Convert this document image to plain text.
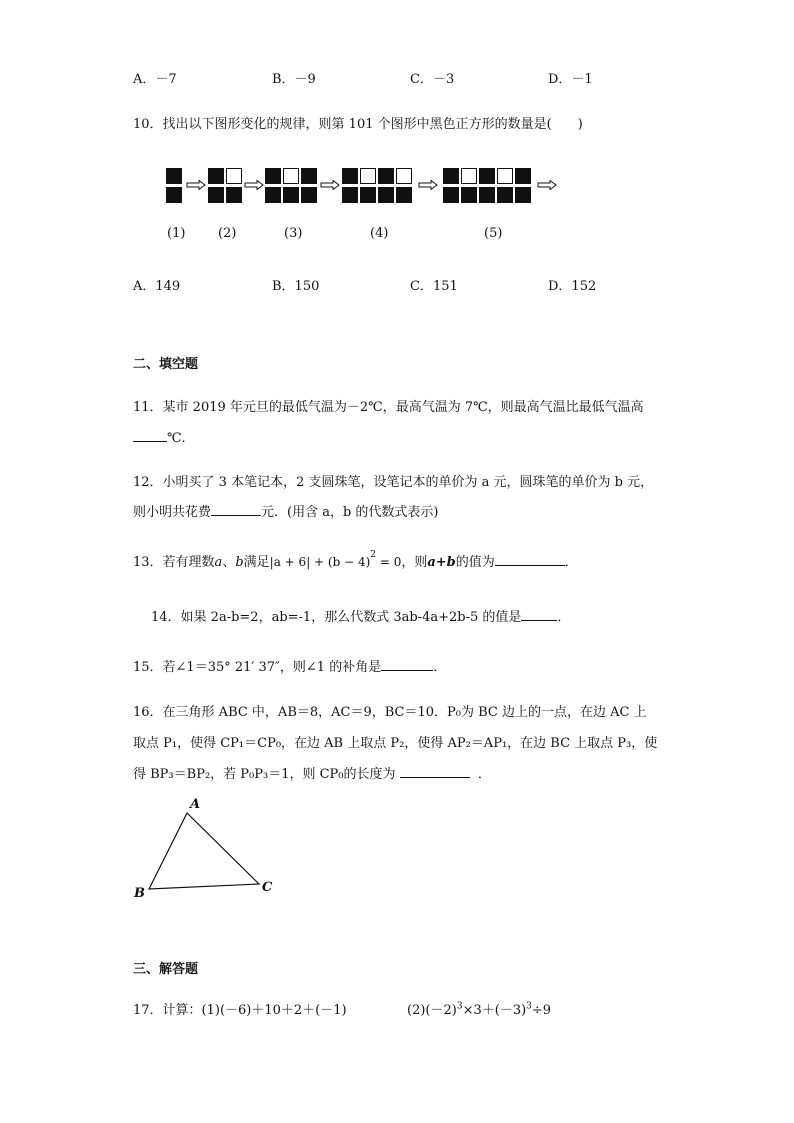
A．－7	B．－9	C．－3	D．－1
10．找出以下图形变化的规律，则第 101 个图形中黑色正方形的数量是(　　)
(1)	(2)	(3)	(4)	(5)
A．149	B．150	C．151	D．152
二、填空题
11．某市 2019 年元旦的最低气温为－2℃，最高气温为 7℃，则最高气温比最低气温高
℃．
12．小明买了 3 本笔记本，2 支圆珠笔，设笔记本的单价为 a 元，圆珠笔的单价为 b 元，
则小明共花费	元．(用含 a，b 的代数式表示)
13．若有理数a、b满足$|a + 6| + (b - 4)^2 = 0$，则a+b的值为	．
14．如果 2a-b=2，ab=-1，那么代数式 3ab-4a+2b-5 的值是	．
15．若∠1＝35° 21′ 37″，则∠1 的补角是	．
16．在三角形 ABC 中，AB＝8，AC＝9，BC＝10．P₀为 BC 边上的一点，在边 AC 上
取点 P₁，使得 CP₁＝CP₀，在边 AB 上取点 P₂，使得 AP₂＝AP₁，在边 BC 上取点 P₃，使
得 BP₃＝BP₂，若 P₀P₃＝1，则 CP₀的长度为	．
A
B	C
三、解答题
17．计算：(1)(－6)＋10＋2＋(－1)	$(2)(-2)^3\times 3+(-3)^3\div 9$
